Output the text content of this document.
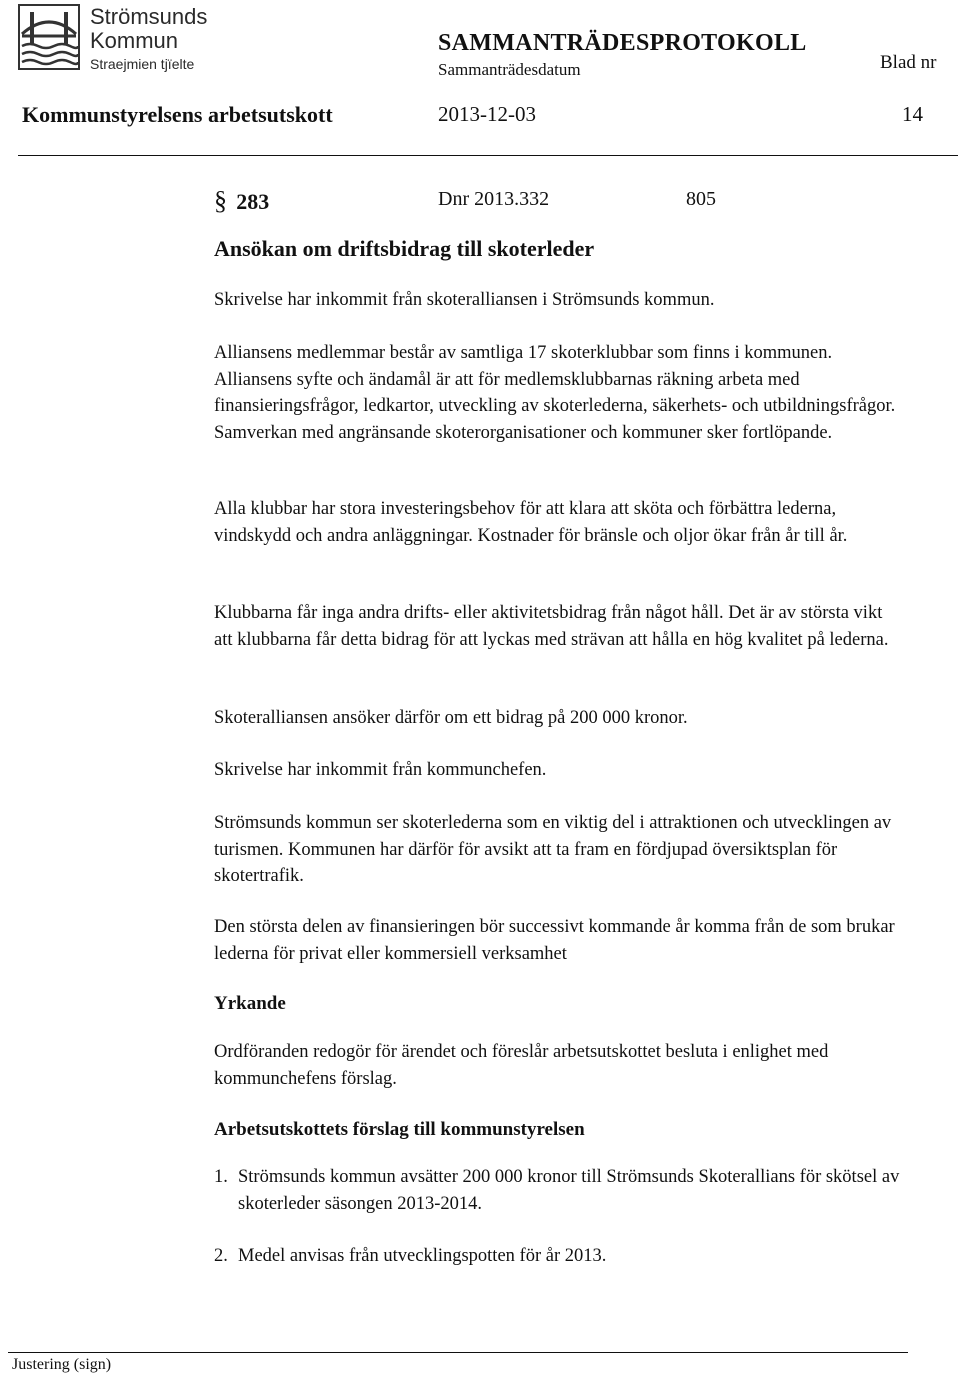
Strömsunds
Kommun
Straejmien tjïelte
SAMMANTRÄDESPROTOKOLL
Sammanträdesdatum	Blad nr
Kommunstyrelsens arbetsutskott	2013-12-03	14
§ 283	Dnr 2013.332	805
Ansökan om driftsbidrag till skoterleder

Skrivelse har inkommit från skoteralliansen i Strömsunds kommun.

Alliansens medlemmar består av samtliga 17 skoterklubbar som finns i kommunen. Alliansens syfte och ändamål är att för medlemsklubbarnas räkning arbeta med finansieringsfrågor, ledkartor, utveckling av skoterlederna, säkerhets- och utbildningsfrågor. Samverkan med angränsande skoterorganisationer och kommuner sker fortlöpande.

Alla klubbar har stora investeringsbehov för att klara att sköta och förbättra lederna, vindskydd och andra anläggningar. Kostnader för bränsle och oljor ökar från år till år.

Klubbarna får inga andra drifts- eller aktivitetsbidrag från något håll. Det är av största vikt att klubbarna får detta bidrag för att lyckas med strävan att hålla en hög kvalitet på lederna.

Skoteralliansen ansöker därför om ett bidrag på 200 000 kronor.

Skrivelse har inkommit från kommunchefen.

Strömsunds kommun ser skoterlederna som en viktig del i attraktionen och utvecklingen av turismen. Kommunen har därför för avsikt att ta fram en fördjupad översiktsplan för skotertrafik.

Den största delen av finansieringen bör successivt kommande år komma från de som brukar lederna för privat eller kommersiell verksamhet

Yrkande

Ordföranden redogör för ärendet och föreslår arbetsutskottet besluta i enlighet med kommunchefens förslag.

Arbetsutskottets förslag till kommunstyrelsen
1. Strömsunds kommun avsätter 200 000 kronor till Strömsunds Skoterallians för skötsel av skoterleder säsongen 2013-2014.
2. Medel anvisas från utvecklingspotten för år 2013.
Justering (sign)
